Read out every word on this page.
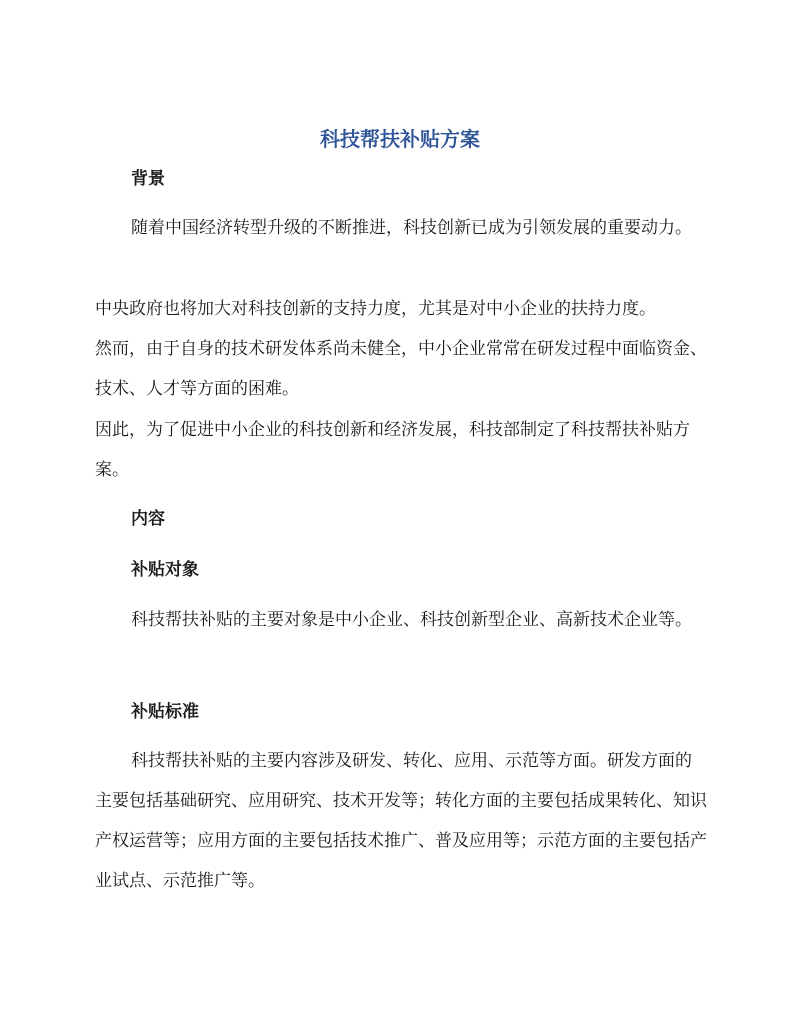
科技帮扶补贴方案
背景

随着中国经济转型升级的不断推进，科技创新已成为引领发展的重要动力。

中央政府也将加大对科技创新的支持力度，尤其是对中小企业的扶持力度。

然而，由于自身的技术研发体系尚未健全，中小企业常常在研发过程中面临资金、技术、人才等方面的困难。

因此，为了促进中小企业的科技创新和经济发展，科技部制定了科技帮扶补贴方案。

内容
补贴对象

科技帮扶补贴的主要对象是中小企业、科技创新型企业、高新技术企业等。

补贴标准

科技帮扶补贴的主要内容涉及研发、转化、应用、示范等方面。研发方面的主要包括基础研究、应用研究、技术开发等；转化方面的主要包括成果转化、知识产权运营等；应用方面的主要包括技术推广、普及应用等；示范方面的主要包括产业试点、示范推广等。
